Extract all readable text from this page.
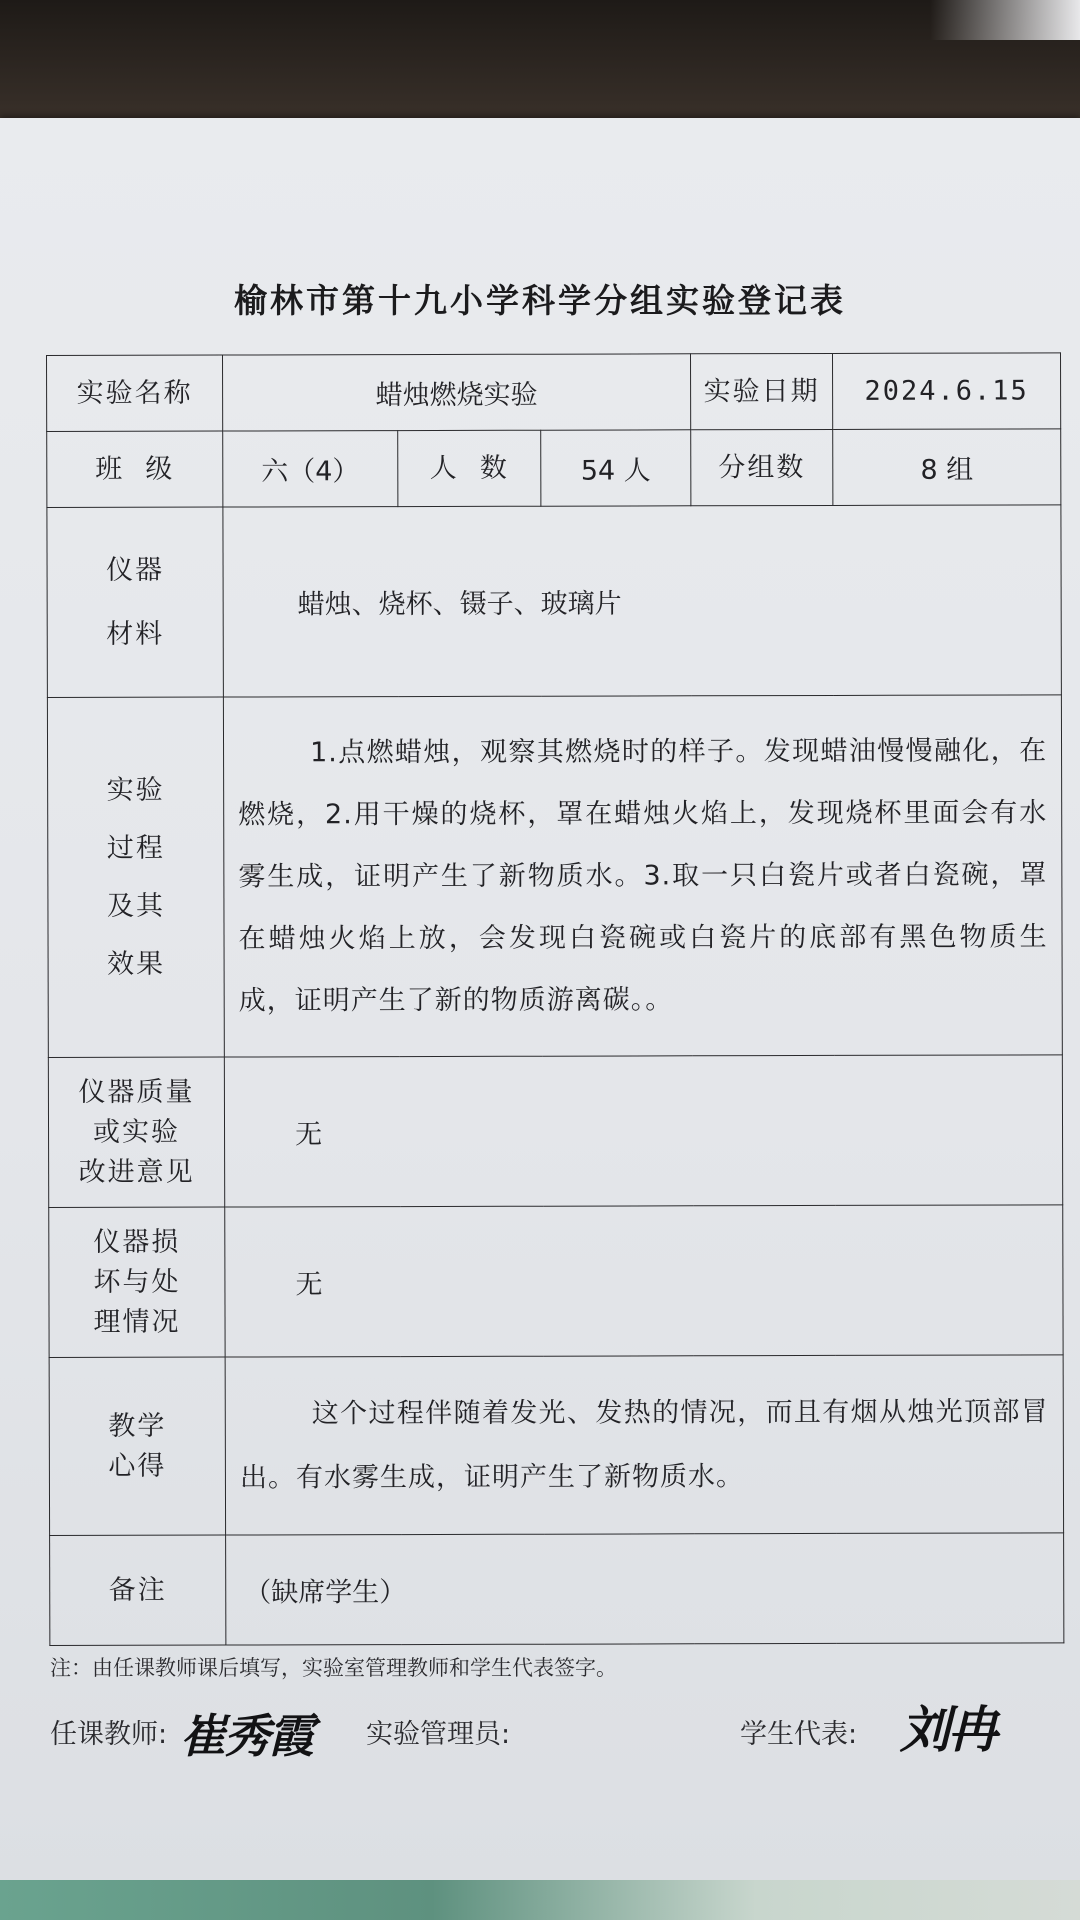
榆林市第十九小学科学分组实验登记表
实验名称	蜡烛燃烧实验			实验日期	2024.6.15
班  级	六（4）	人  数	54 人	分组数	8 组

仪器
材料	蜡烛、烧杯、镊子、玻璃片				

实验
过程
及其
效果	1.点燃蜡烛，观察其燃烧时的样子。发现蜡油慢慢融化，在燃烧，2.用干燥的烧杯，罩在蜡烛火焰上，发现烧杯里面会有水雾生成，证明产生了新物质水。3.取一只白瓷片或者白瓷碗，罩在蜡烛火焰上放，会发现白瓷碗或白瓷片的底部有黑色物质生成，证明产生了新的物质游离碳。。				

仪器质量
或实验
改进意见	无				

仪器损
坏与处
理情况	无				

教学
心得	这个过程伴随着发光、发热的情况，而且有烟从烛光顶部冒出。有水雾生成，证明产生了新物质水。				
备注	（缺席学生）				
注：由任课教师课后填写，实验室管理教师和学生代表签字。
任课教师: 崔秀霞 实验管理员:	学生代表: 刘冉
